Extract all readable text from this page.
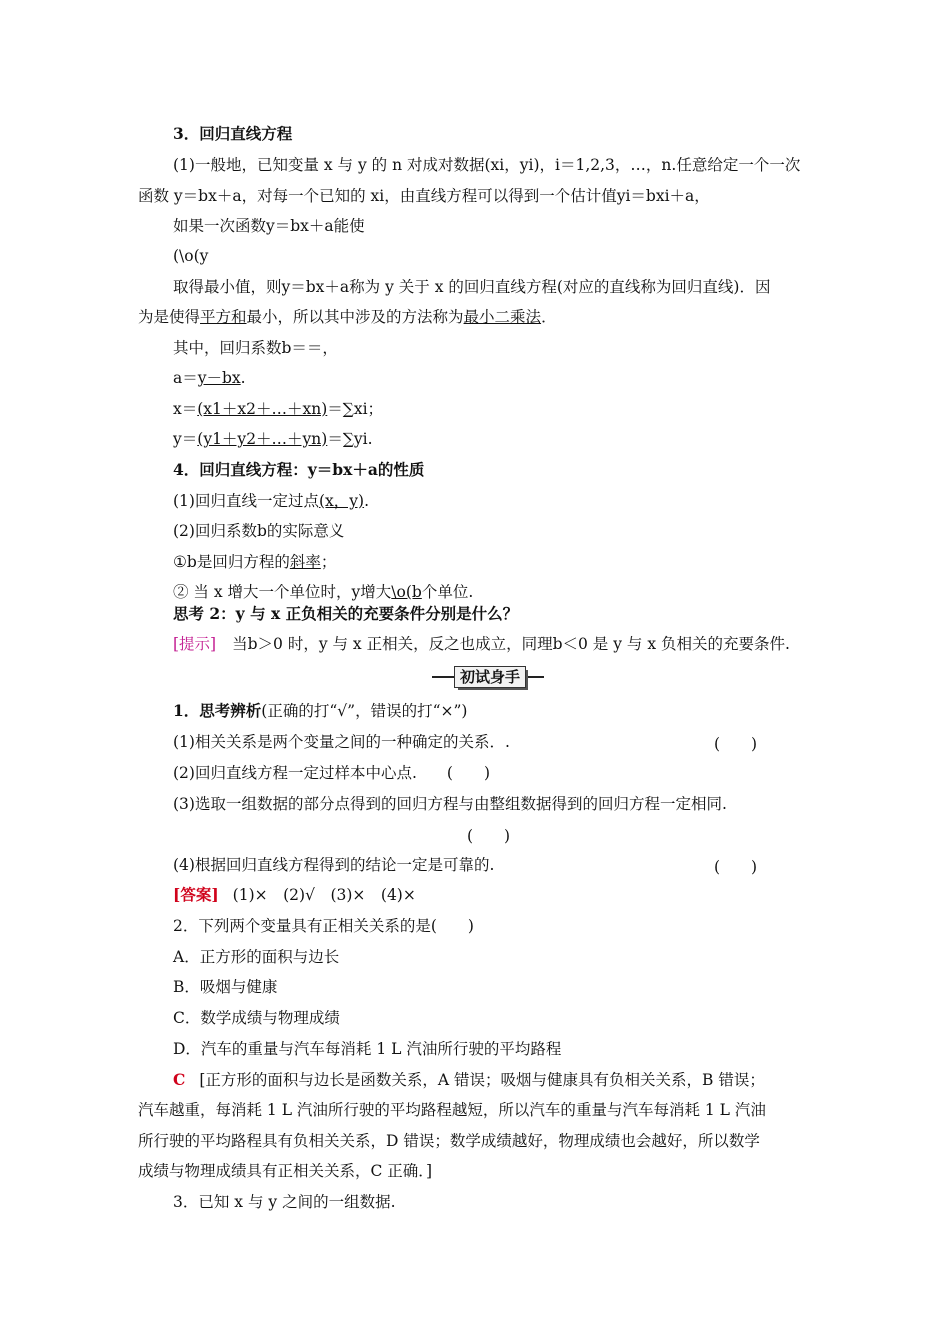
3．回归直线方程
(1)一般地，已知变量 x 与 y 的 n 对成对数据(xi，yi)，i＝1,2,3，…，n.任意给定一个一次
函数 y＝bx＋a，对每一个已知的 xi，由直线方程可以得到一个估计值yi＝bxi＋a，
如果一次函数y＝bx＋a能使
(\o(y
取得最小值，则y＝bx＋a称为 y 关于 x 的回归直线方程(对应的直线称为回归直线)．因
为是使得平方和最小，所以其中涉及的方法称为最小二乘法．
其中，回归系数b＝＝，
a＝y－bx.
x＝(x1＋x2＋…＋xn)＝∑xi；
y＝(y1＋y2＋…＋yn)＝∑yi.
4．回归直线方程：y＝bx＋a的性质
(1)回归直线一定过点(x，y).
(2)回归系数b的实际意义
①b是回归方程的斜率；
② 当 x 增大一个单位时，y增大\o(b个单位.
思考 2：y 与 x 正负相关的充要条件分别是什么？
[提示] 当b＞0 时，y 与 x 正相关，反之也成立，同理b＜0 是 y 与 x 负相关的充要条件.
初试身手
1．思考辨析(正确的打“√”，错误的打“×”)
(1)相关关系是两个变量之间的一种确定的关系．.	(　　)
(2)回归直线方程一定过样本中心点. (　　)
(3)选取一组数据的部分点得到的回归方程与由整组数据得到的回归方程一定相同.
(　　)
(4)根据回归直线方程得到的结论一定是可靠的.	(　　)
[答案] (1)×　(2)√　(3)×　(4)×
2．下列两个变量具有正相关关系的是(　　)
A．正方形的面积与边长
B．吸烟与健康
C．数学成绩与物理成绩
D．汽车的重量与汽车每消耗 1 L 汽油所行驶的平均路程
C [正方形的面积与边长是函数关系，A 错误；吸烟与健康具有负相关关系，B 错误；
汽车越重，每消耗 1 L 汽油所行驶的平均路程越短，所以汽车的重量与汽车每消耗 1 L 汽油
所行驶的平均路程具有负相关关系，D 错误；数学成绩越好，物理成绩也会越好，所以数学
成绩与物理成绩具有正相关关系，C 正确．]
3．已知 x 与 y 之间的一组数据.
